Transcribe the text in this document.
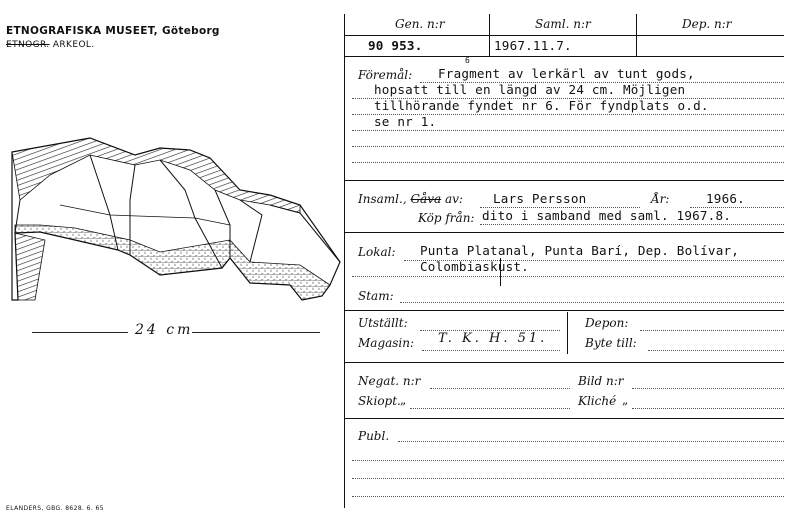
ETNOGRAFISKA MUSEET, Göteborg
ETNOGR. ARKEOL.
24 cm
ELANDERS, GBG. 8628. 6. 65
Gen. n:r	Saml. n:r	Dep. n:r
90 953.	1967.11.7.
Föremål:
6
Fragment av lerkärl av tunt gods,
hopsatt till en längd av 24 cm. Möjligen
tillhörande fyndet nr 6. För fyndplats o.d.
se nr 1.
Insaml., Gåva av: Lars Persson	År:	1966.
Köp från: dito i samband med saml. 1967.8.
Lokal: Punta Platanal, Punta Barí, Dep. Bolívar,
Colombiaskust.
Stam:
Utställt:	Depon:
Magasin: T. K. H. 51.	Byte till:
Negat. n:r	Bild n:r
Skiopt. „	Kliché „
Publ.
